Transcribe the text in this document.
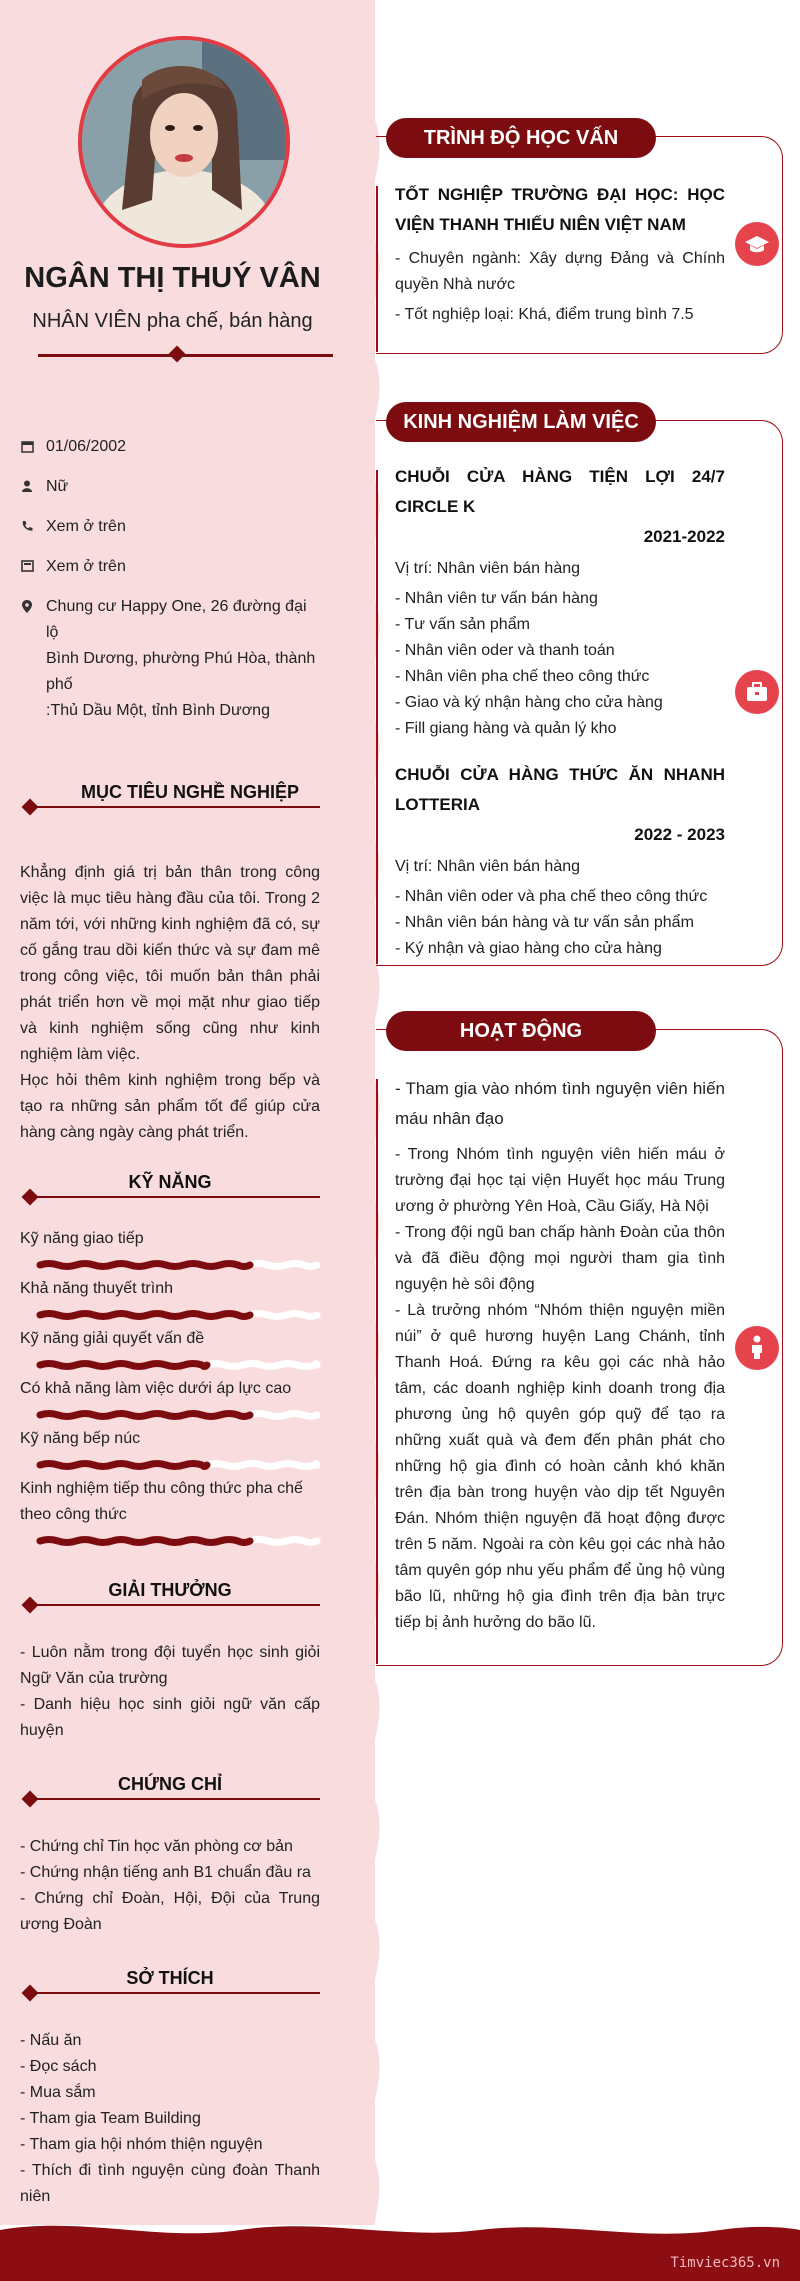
NGÂN THỊ THUÝ VÂN
NHÂN VIÊN pha chế, bán hàng
01/06/2002
Nữ
Xem ở trên
Xem ở trên
Chung cư Happy One, 26 đường đại lộ
Bình Dương, phường Phú Hòa, thành phố
:Thủ Dầu Một, tỉnh Bình Dương
MỤC TIÊU NGHỀ NGHIỆP
Khẳng định giá trị bản thân trong công việc là mục tiêu hàng đầu của tôi. Trong 2 năm tới, với những kinh nghiệm đã có, sự cố gắng trau dồi kiến thức và sự đam mê trong công việc, tôi muốn bản thân phải phát triển hơn về mọi mặt như giao tiếp và kinh nghiệm sống cũng như kinh nghiệm làm việc.
Học hỏi thêm kinh nghiệm trong bếp và tạo ra những sản phẩm tốt để giúp cửa hàng càng ngày càng phát triển.
KỸ NĂNG
Kỹ năng giao tiếp
Khả năng thuyết trình
Kỹ năng giải quyết vấn đề
Có khả năng làm việc dưới áp lực cao
Kỹ năng bếp núc
Kinh nghiệm tiếp thu công thức pha chế theo công thức
GIẢI THƯỞNG
- Luôn nằm trong đội tuyển học sinh giỏi Ngữ Văn của trường
- Danh hiệu học sinh giỏi ngữ văn cấp huyện
CHỨNG CHỈ
- Chứng chỉ Tin học văn phòng cơ bản
- Chứng nhận tiếng anh B1 chuẩn đầu ra
- Chứng chỉ Đoàn, Hội, Đội của Trung ương Đoàn
SỞ THÍCH
- Nấu ăn
- Đọc sách
- Mua sắm
- Tham gia Team Building
- Tham gia hội nhóm thiện nguyện
- Thích đi tình nguyện cùng đoàn Thanh niên
TRÌNH ĐỘ HỌC VẤN
TỐT NGHIỆP TRƯỜNG ĐẠI HỌC: HỌC VIỆN THANH THIẾU NIÊN VIỆT NAM
- Chuyên ngành: Xây dựng Đảng và Chính quyền Nhà nước
- Tốt nghiệp loại: Khá, điểm trung bình 7.5
KINH NGHIỆM LÀM VIỆC
CHUỖI CỬA HÀNG TIỆN LỢI 24/7 CIRCLE K
2021-2022
Vị trí: Nhân viên bán hàng
- Nhân viên tư vấn bán hàng
- Tư vấn sản phẩm
- Nhân viên oder và thanh toán
- Nhân viên pha chế theo công thức
- Giao và ký nhận hàng cho cửa hàng
- Fill giang hàng và quản lý kho
CHUỖI CỬA HÀNG THỨC ĂN NHANH LOTTERIA
2022 - 2023
Vị trí: Nhân viên bán hàng
- Nhân viên oder và pha chế theo công thức
- Nhân viên bán hàng và tư vấn sản phẩm
- Ký nhận và giao hàng cho cửa hàng
HOẠT ĐỘNG
- Tham gia vào nhóm tình nguyện viên hiến máu nhân đạo
- Trong Nhóm tình nguyện viên hiến máu ở trường đại học tại viện Huyết học máu Trung ương ở phường Yên Hoà, Cầu Giấy, Hà Nội
- Trong đội ngũ ban chấp hành Đoàn của thôn và đã điều động mọi người tham gia tình nguyện hè sôi động
- Là trưởng nhóm “Nhóm thiện nguyện miền núi” ở quê hương huyện Lang Chánh, tỉnh Thanh Hoá. Đứng ra kêu gọi các nhà hảo tâm, các doanh nghiệp kinh doanh trong địa phương ủng hộ quyên góp quỹ để tạo ra những xuất quà và đem đến phân phát cho những hộ gia đình có hoàn cảnh khó khăn trên địa bàn trong huyện vào dịp tết Nguyên Đán. Nhóm thiện nguyện đã hoạt động được trên 5 năm. Ngoài ra còn kêu gọi các nhà hảo tâm quyên góp nhu yếu phẩm để ủng hộ vùng bão lũ, những hộ gia đình trên địa bàn trực tiếp bị ảnh hưởng do bão lũ.
Timviec365.vn
